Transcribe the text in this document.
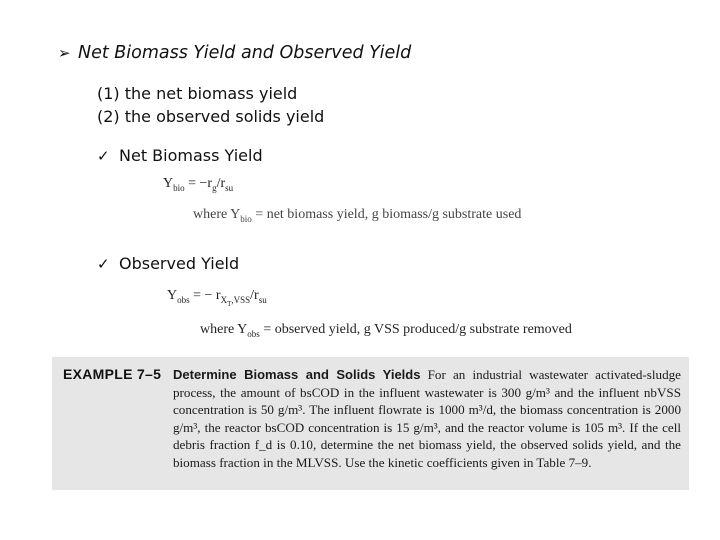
➢ Net Biomass Yield and Observed Yield
(1) the net biomass yield
(2) the observed solids yield
✓ Net Biomass Yield
$Y_{bio} = -r_g/r_{su}$
where $Y_{bio}$ = net biomass yield, g biomass/g substrate used
✓ Observed Yield
$Y_{obs}$ = − $r_{X_T,VSS}/r_{su}$
where $Y_{obs}$ = observed yield, g VSS produced/g substrate removed
EXAMPLE 7–5 Determine Biomass and Solids Yields For an industrial wastewater activated-sludge process, the amount of bsCOD in the influent wastewater is 300 g/m³ and the influent nbVSS concentration is 50 g/m³. The influent flowrate is 1000 m³/d, the biomass concentration is 2000 g/m³, the reactor bsCOD concentration is 15 g/m³, and the reactor volume is 105 m³. If the cell debris fraction f_d is 0.10, determine the net biomass yield, the observed solids yield, and the biomass fraction in the MLVSS. Use the kinetic coefficients given in Table 7–9.
